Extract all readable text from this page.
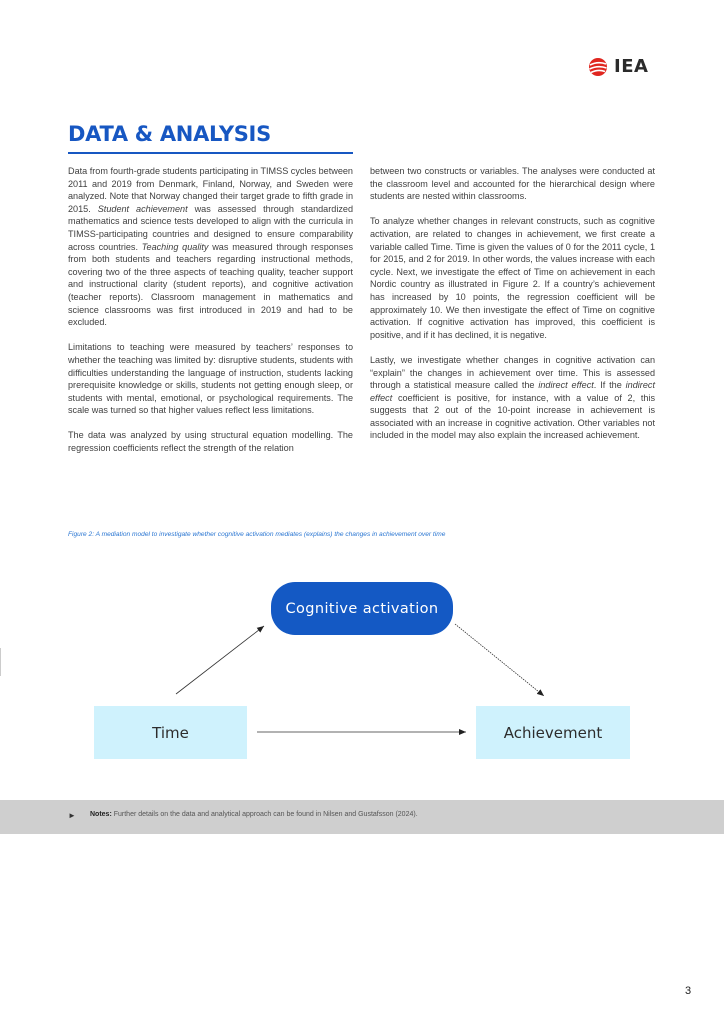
IEA
DATA & ANALYSIS

Data from fourth-grade students participating in TIMSS cycles between 2011 and 2019 from Denmark, Finland, Norway, and Sweden were analyzed. Note that Norway changed their target grade to fifth grade in 2015. Student achievement was assessed through standardized mathematics and science tests developed to align with the curricula in TIMSS-participating countries and designed to ensure comparability across countries. Teaching quality was measured through responses from both students and teachers regarding instructional methods, covering two of the three aspects of teaching quality, teacher support and instructional clarity (student reports), and cognitive activation (teacher reports). Classroom management in mathematics and science classrooms was first introduced in 2019 and had to be excluded.

Limitations to teaching were measured by teachers’ responses to whether the teaching was limited by: disruptive students, students with difficulties understanding the language of instruction, students lacking prerequisite knowledge or skills, students not getting enough sleep, or students with mental, emotional, or psychological requirements. The scale was turned so that higher values reflect less limitations.

The data was analyzed by using structural equation modelling. The regression coefficients reflect the strength of the relation

between two constructs or variables. The analyses were conducted at the classroom level and accounted for the hierarchical design where students are nested within classrooms.

To analyze whether changes in relevant constructs, such as cognitive activation, are related to changes in achievement, we first create a variable called Time. Time is given the values of 0 for the 2011 cycle, 1 for 2015, and 2 for 2019. In other words, the values increase with each cycle. Next, we investigate the effect of Time on achievement in each Nordic country as illustrated in Figure 2. If a country’s achievement has increased by 10 points, the regression coefficient will be approximately 10. We then investigate the effect of Time on cognitive activation. If cognitive activation has improved, this coefficient is positive, and if it has declined, it is negative.

Lastly, we investigate whether changes in cognitive activation can “explain” the changes in achievement over time. This is assessed through a statistical measure called the indirect effect. If the indirect effect coefficient is positive, for instance, with a value of 2, this suggests that 2 out of the 10-point increase in achievement is associated with an increase in cognitive activation. Other variables not included in the model may also explain the increased achievement.

Figure 2: A mediation model to investigate whether cognitive activation mediates (explains) the changes in achievement over time
Cognitive activation
Time	Achievement
► Notes: Further details on the data and analytical approach can be found in Nilsen and Gustafsson (2024).
3
